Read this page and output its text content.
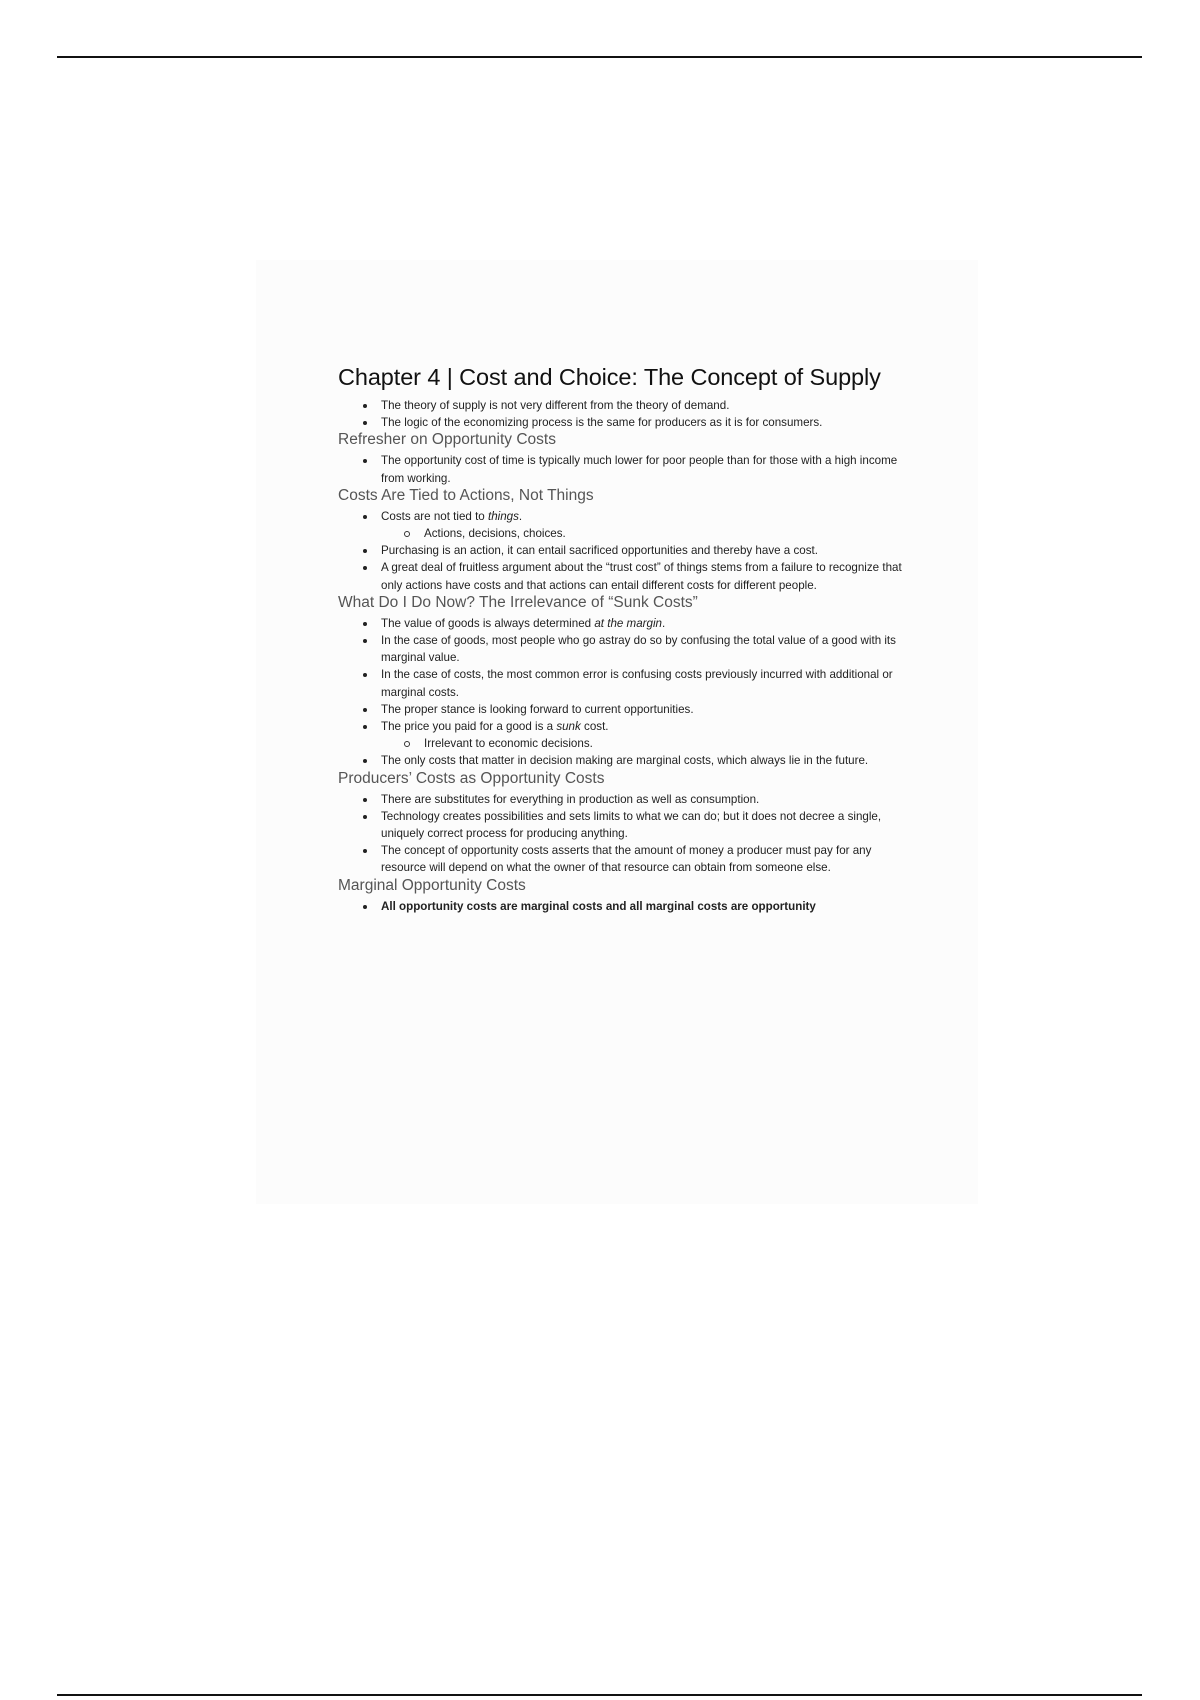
Chapter 4 | Cost and Choice: The Concept of Supply
The theory of supply is not very different from the theory of demand.
The logic of the economizing process is the same for producers as it is for consumers.
Refresher on Opportunity Costs
The opportunity cost of time is typically much lower for poor people than for those with a high income from working.
Costs Are Tied to Actions, Not Things
Costs are not tied to things.
Actions, decisions, choices.
Purchasing is an action, it can entail sacrificed opportunities and thereby have a cost.
A great deal of fruitless argument about the “trust cost” of things stems from a failure to recognize that only actions have costs and that actions can entail different costs for different people.
What Do I Do Now? The Irrelevance of “Sunk Costs”
The value of goods is always determined at the margin.
In the case of goods, most people who go astray do so by confusing the total value of a good with its marginal value.
In the case of costs, the most common error is confusing costs previously incurred with additional or marginal costs.
The proper stance is looking forward to current opportunities.
The price you paid for a good is a sunk cost.
Irrelevant to economic decisions.
The only costs that matter in decision making are marginal costs, which always lie in the future.
Producers’ Costs as Opportunity Costs
There are substitutes for everything in production as well as consumption.
Technology creates possibilities and sets limits to what we can do; but it does not decree a single, uniquely correct process for producing anything.
The concept of opportunity costs asserts that the amount of money a producer must pay for any resource will depend on what the owner of that resource can obtain from someone else.
Marginal Opportunity Costs
All opportunity costs are marginal costs and all marginal costs are opportunity
